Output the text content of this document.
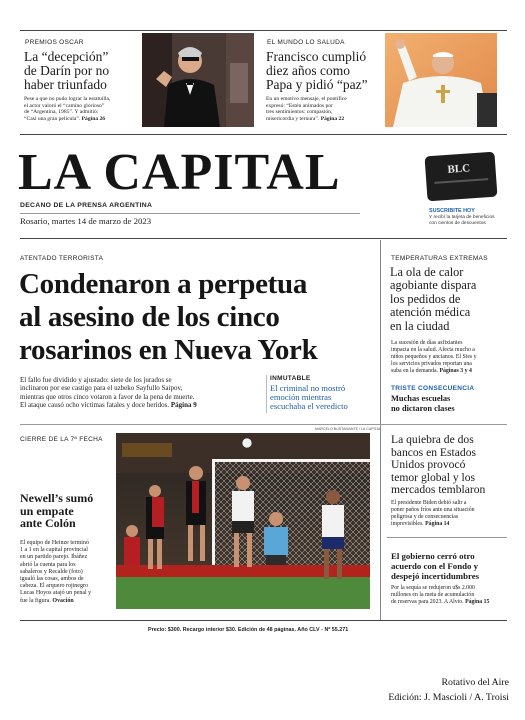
PREMIOS OSCAR
La “decepción”
de Darín por no
haber triunfado
Pese a que no pudo lograr la estatuilla,
el actor valoró el “camino glorioso”
de “Argentina, 1985”. Y admitió:
“Casi una gran película”. Página 26
EL MUNDO LO SALUDA
Francisco cumplió
diez años como
Papa y pidió “paz”
En un emotivo mensaje, el pontífice
expresó: “Estén animados por
tres sentimientos: compasión,
misericordia y ternura”. Página 22
LA CAPITAL
DECANO DE LA PRENSA ARGENTINA
Rosario, martes 14 de marzo de 2023
BLC
SUSCRIBITE HOY
Y recibí la tarjeta de beneficios
con cientos de descuentos
ATENTADO TERRORISTA
Condenaron a perpetua
al asesino de los cinco
rosarinos en Nueva York
El fallo fue dividido y ajustado: siete de los jurados se
inclinaron por ese castigo para el uzbeko Sayfullo Saipov,
mientras que otros cinco votaron a favor de la pena de muerte.
El ataque causó ocho víctimas fatales y doce heridos. Página 9
INMUTABLE
El criminal no mostró
emoción mientras
escuchaba el veredicto
TEMPERATURAS EXTREMAS
La ola de calor
agobiante dispara
los pedidos de
atención médica
en la ciudad
La sucesión de días asfixiantes
impacta en la salud. Afecta mucho a
niños pequeños y ancianos. El Sies y
los servicios privados reportan una
suba en la demanda. Páginas 3 y 4
TRISTE CONSECUENCIA
Muchas escuelas
no dictaron clases
CIERRE DE LA 7ª FECHA
Newell’s sumó
un empate
ante Colón
El equipo de Heinze terminó
1 a 1 en la capital provincial
en un partido parejo. Ibáñez
abrió la cuenta para los
sabaleros y Recalde (foto)
igualó las cosas, ambos de
cabeza. El arquero rojinegro
Lucas Hoyos atajó un penal y
fue la figura. Ovación
MARCELO BUSTAMANTE / LA CAPITAL
La quiebra de dos
bancos en Estados
Unidos provocó
temor global y los
mercados temblaron
El presidente Biden debió salir a
poner paños fríos ante una situación
peligrosa y de consecuencias
imprevisibles. Página 14
El gobierno cerró otro
acuerdo con el Fondo y
despejó incertidumbres
Por la sequía se redujeron u$s 2.000
millones en la meta de acumulación
de reservas para 2023. A Alvio. Página 15
Precio: $300. Recargo interior $30. Edición de 48 páginas. Año CLV - Nº 55.271
Rotativo del Aire
Edición: J. Mascioli / A. Troisi
